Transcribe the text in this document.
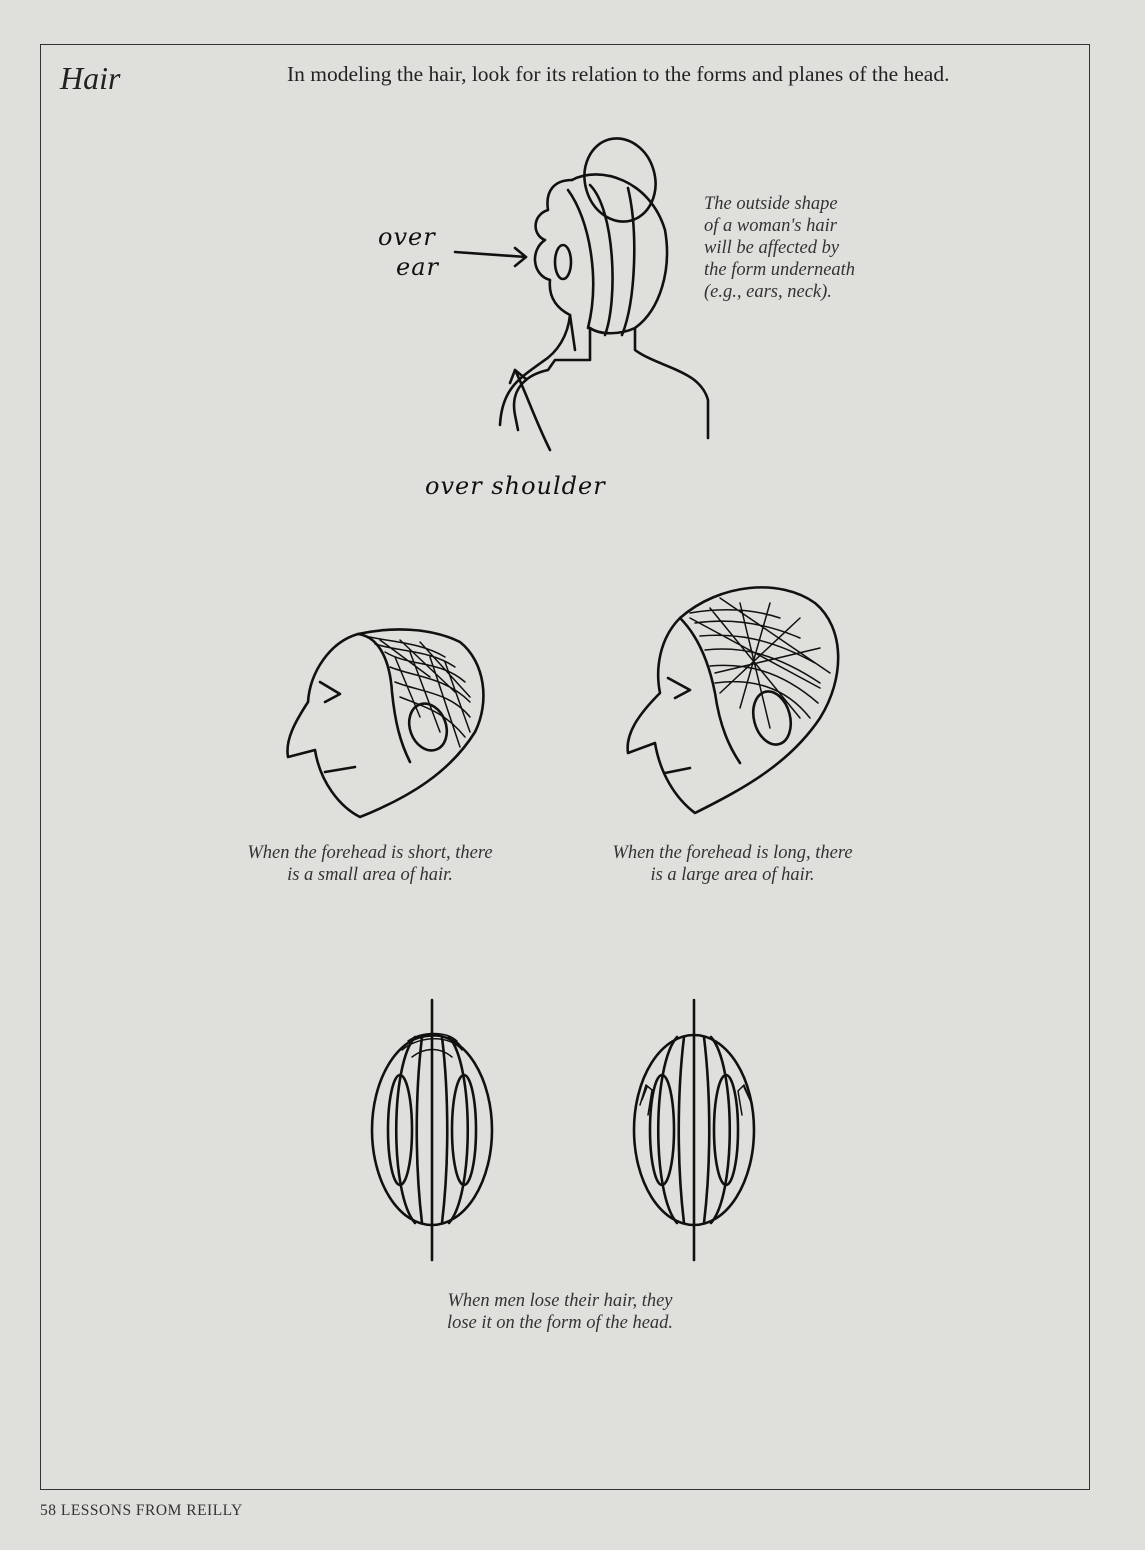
Hair	In modeling the hair, look for its relation to the forms and planes of the head.
over
ear
over shoulder
The outside shape
of a woman's hair
will be affected by
the form underneath
(e.g., ears, neck).
When the forehead is short, there
is a small area of hair.
When the forehead is long, there
is a large area of hair.
When men lose their hair, they
lose it on the form of the head.
58 LESSONS FROM REILLY
